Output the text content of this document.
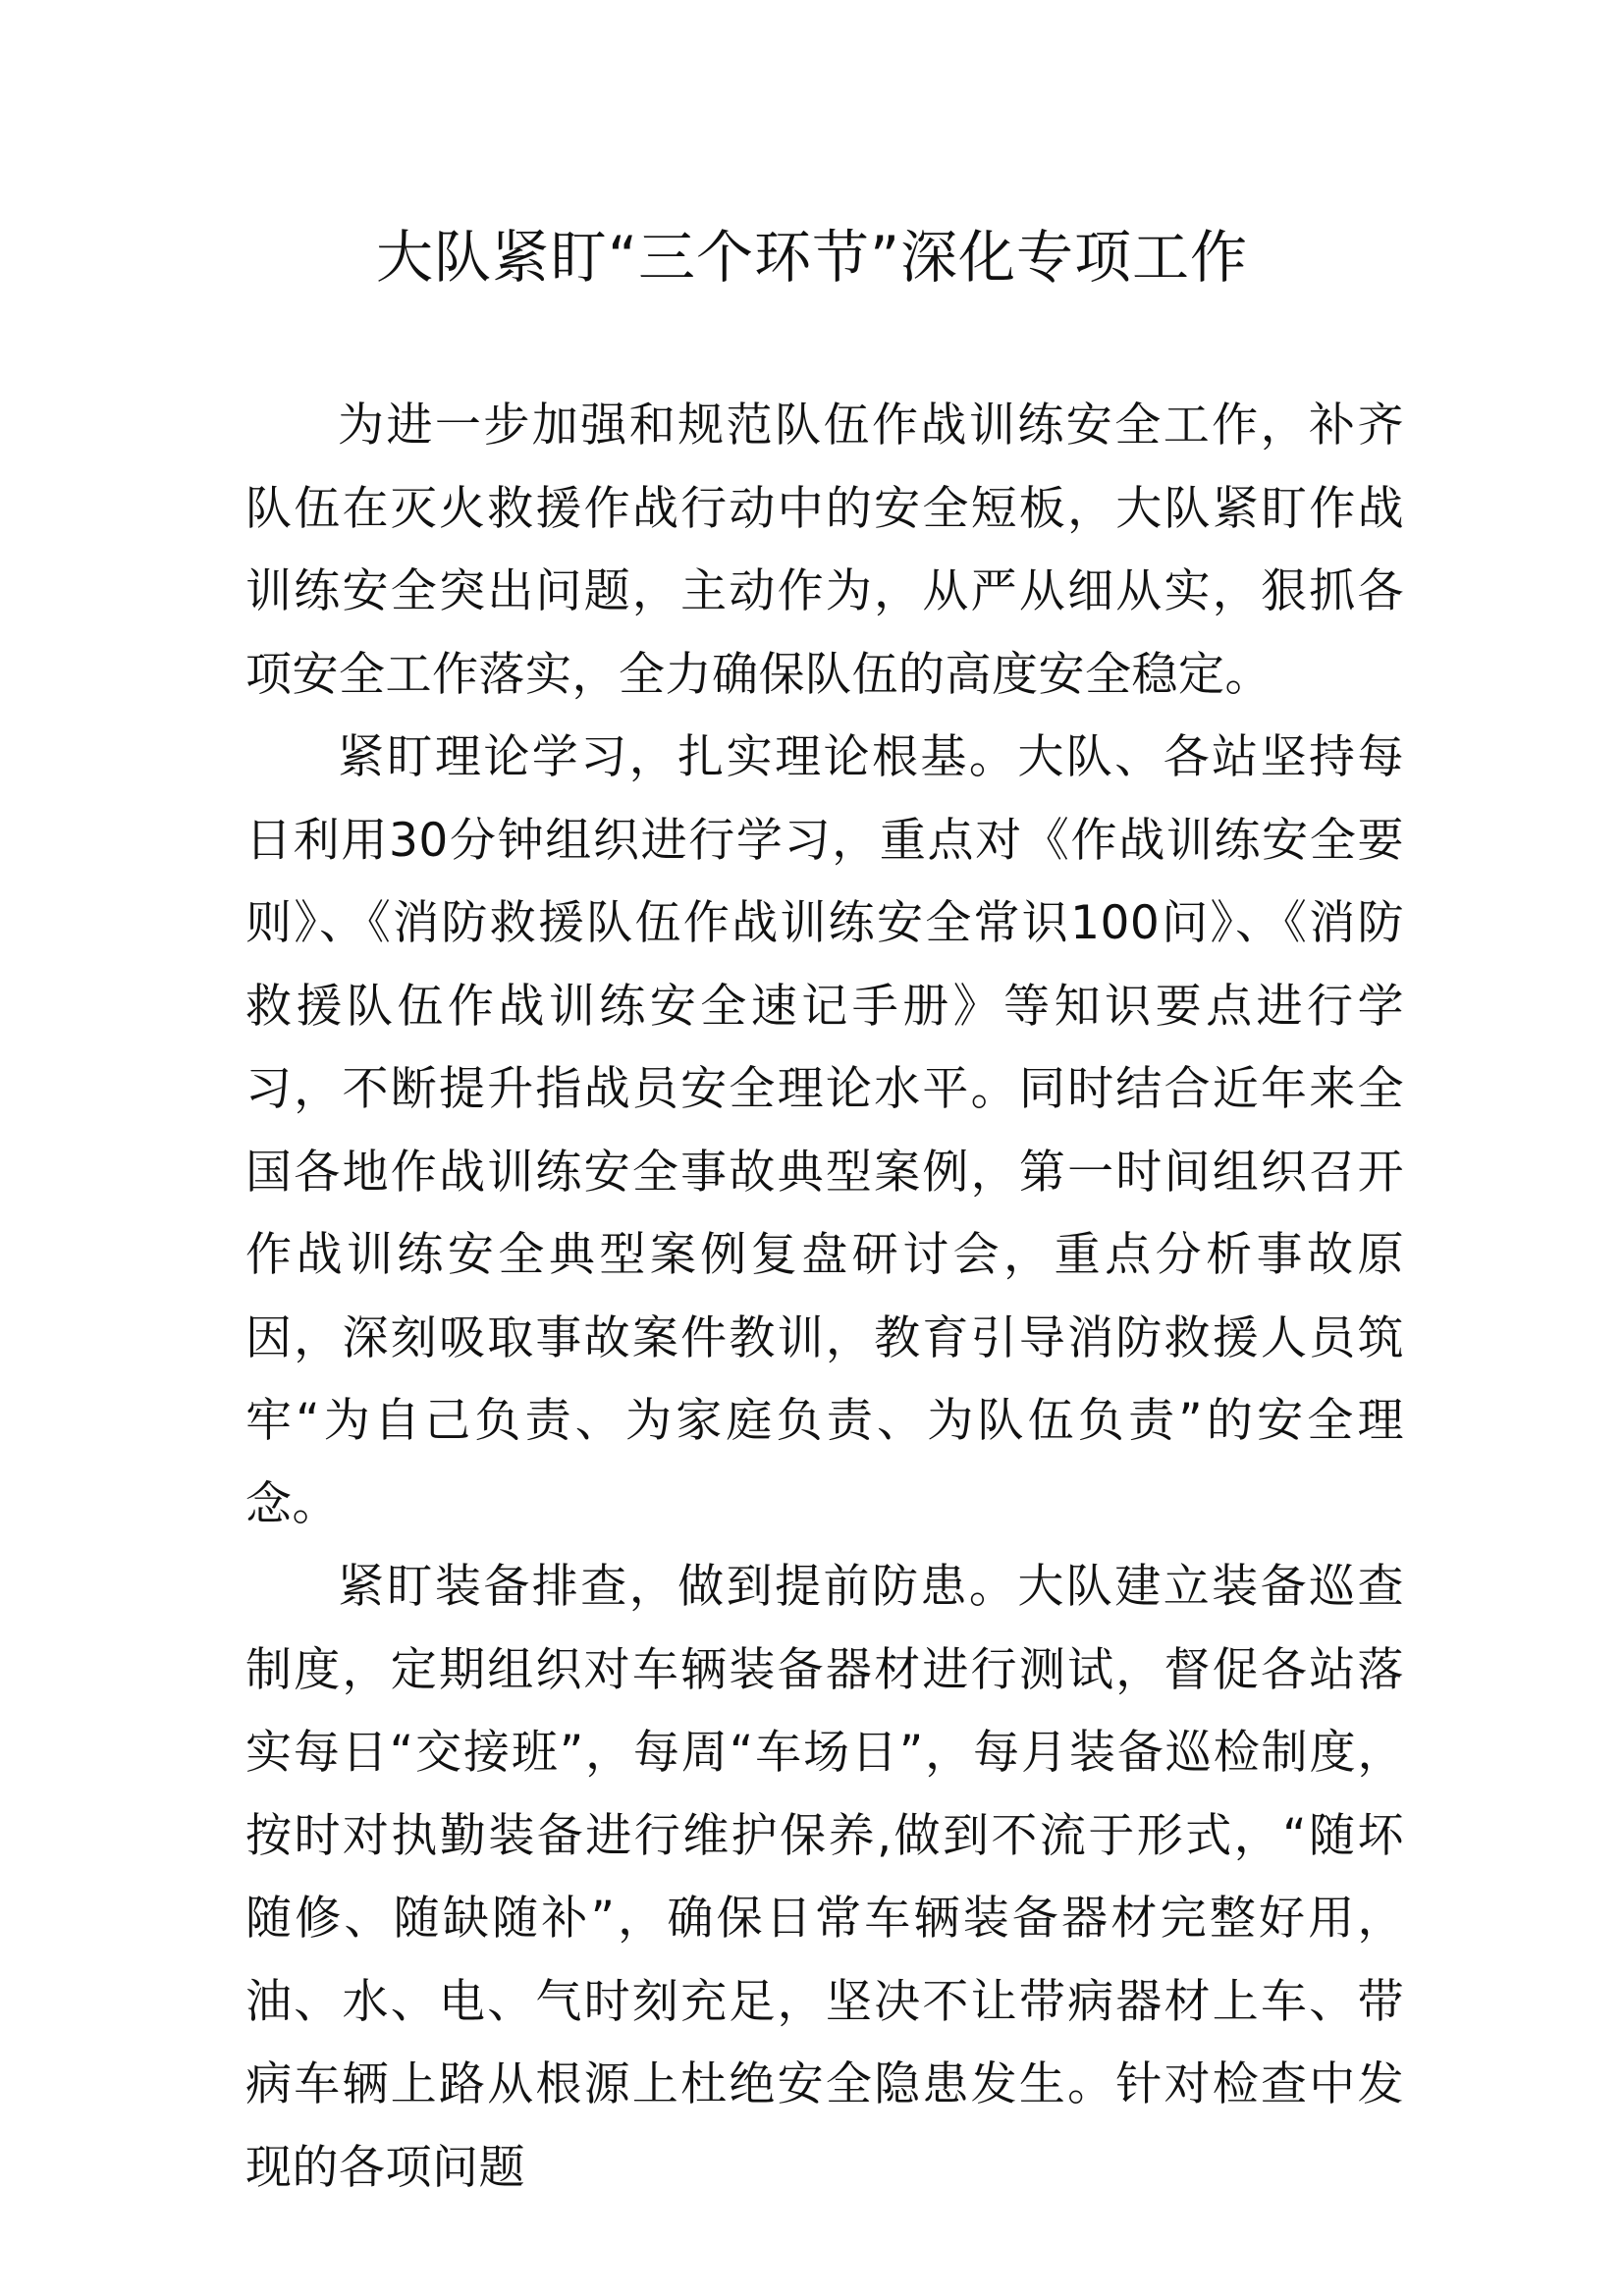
大队紧盯“三个环节”深化专项工作

为进一步加强和规范队伍作战训练安全工作，补齐队伍在灭火救援作战行动中的安全短板，大队紧盯作战训练安全突出问题，主动作为，从严从细从实，狠抓各项安全工作落实，全力确保队伍的高度安全稳定。

紧盯理论学习，扎实理论根基。大队、各站坚持每日利用30分钟组织进行学习，重点对《作战训练安全要则》、《消防救援队伍作战训练安全常识100问》、《消防救援队伍作战训练安全速记手册》等知识要点进行学习，不断提升指战员安全理论水平。同时结合近年来全国各地作战训练安全事故典型案例，第一时间组织召开作战训练安全典型案例复盘研讨会，重点分析事故原因，深刻吸取事故案件教训，教育引导消防救援人员筑牢“为自己负责、为家庭负责、为队伍负责”的安全理念。

紧盯装备排查，做到提前防患。大队建立装备巡查制度，定期组织对车辆装备器材进行测试，督促各站落实每日“交接班”，每周“车场日”，每月装备巡检制度，按时对执勤装备进行维护保养,做到不流于形式，“随坏随修、随缺随补”，确保日常车辆装备器材完整好用，油、水、电、气时刻充足，坚决不让带病器材上车、带病车辆上路从根源上杜绝安全隐患发生。针对检查中发现的各项问题
